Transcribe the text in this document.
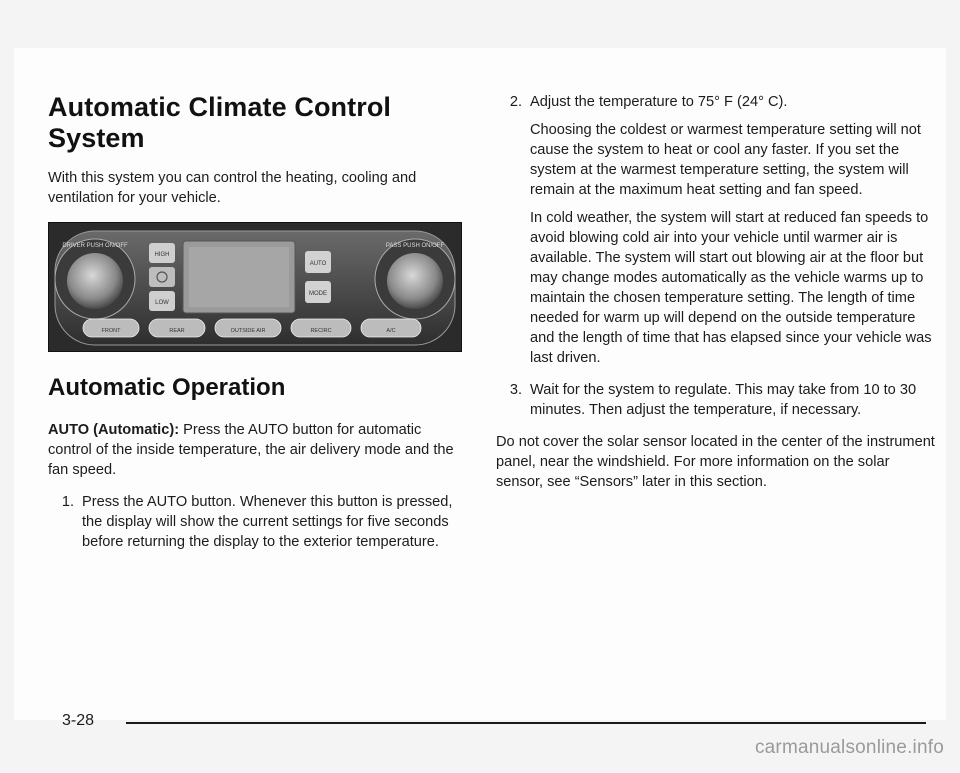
Automatic Climate Control System

With this system you can control the heating, cooling and ventilation for your vehicle.

DRIVER PUSH ON/OFF	PASS PUSH ON/OFF
HIGH
LOW
AUTO
MODE
FRONT	REAR	OUTSIDE AIR	RECIRC	A/C
Automatic Operation

AUTO (Automatic): Press the AUTO button for automatic control of the inside temperature, the air delivery mode and the fan speed.

1. Press the AUTO button. Whenever this button is pressed, the display will show the current settings for five seconds before returning the display to the exterior temperature.

2. Adjust the temperature to 75° F (24° C).

Choosing the coldest or warmest temperature setting will not cause the system to heat or cool any faster. If you set the system at the warmest temperature setting, the system will remain at the maximum heat setting and fan speed.

In cold weather, the system will start at reduced fan speeds to avoid blowing cold air into your vehicle until warmer air is available. The system will start out blowing air at the floor but may change modes automatically as the vehicle warms up to maintain the chosen temperature setting. The length of time needed for warm up will depend on the outside temperature and the length of time that has elapsed since your vehicle was last driven.

3. Wait for the system to regulate. This may take from 10 to 30 minutes. Then adjust the temperature, if necessary.

Do not cover the solar sensor located in the center of the instrument panel, near the windshield. For more information on the solar sensor, see “Sensors” later in this section.

3-28
carmanualsonline.info
